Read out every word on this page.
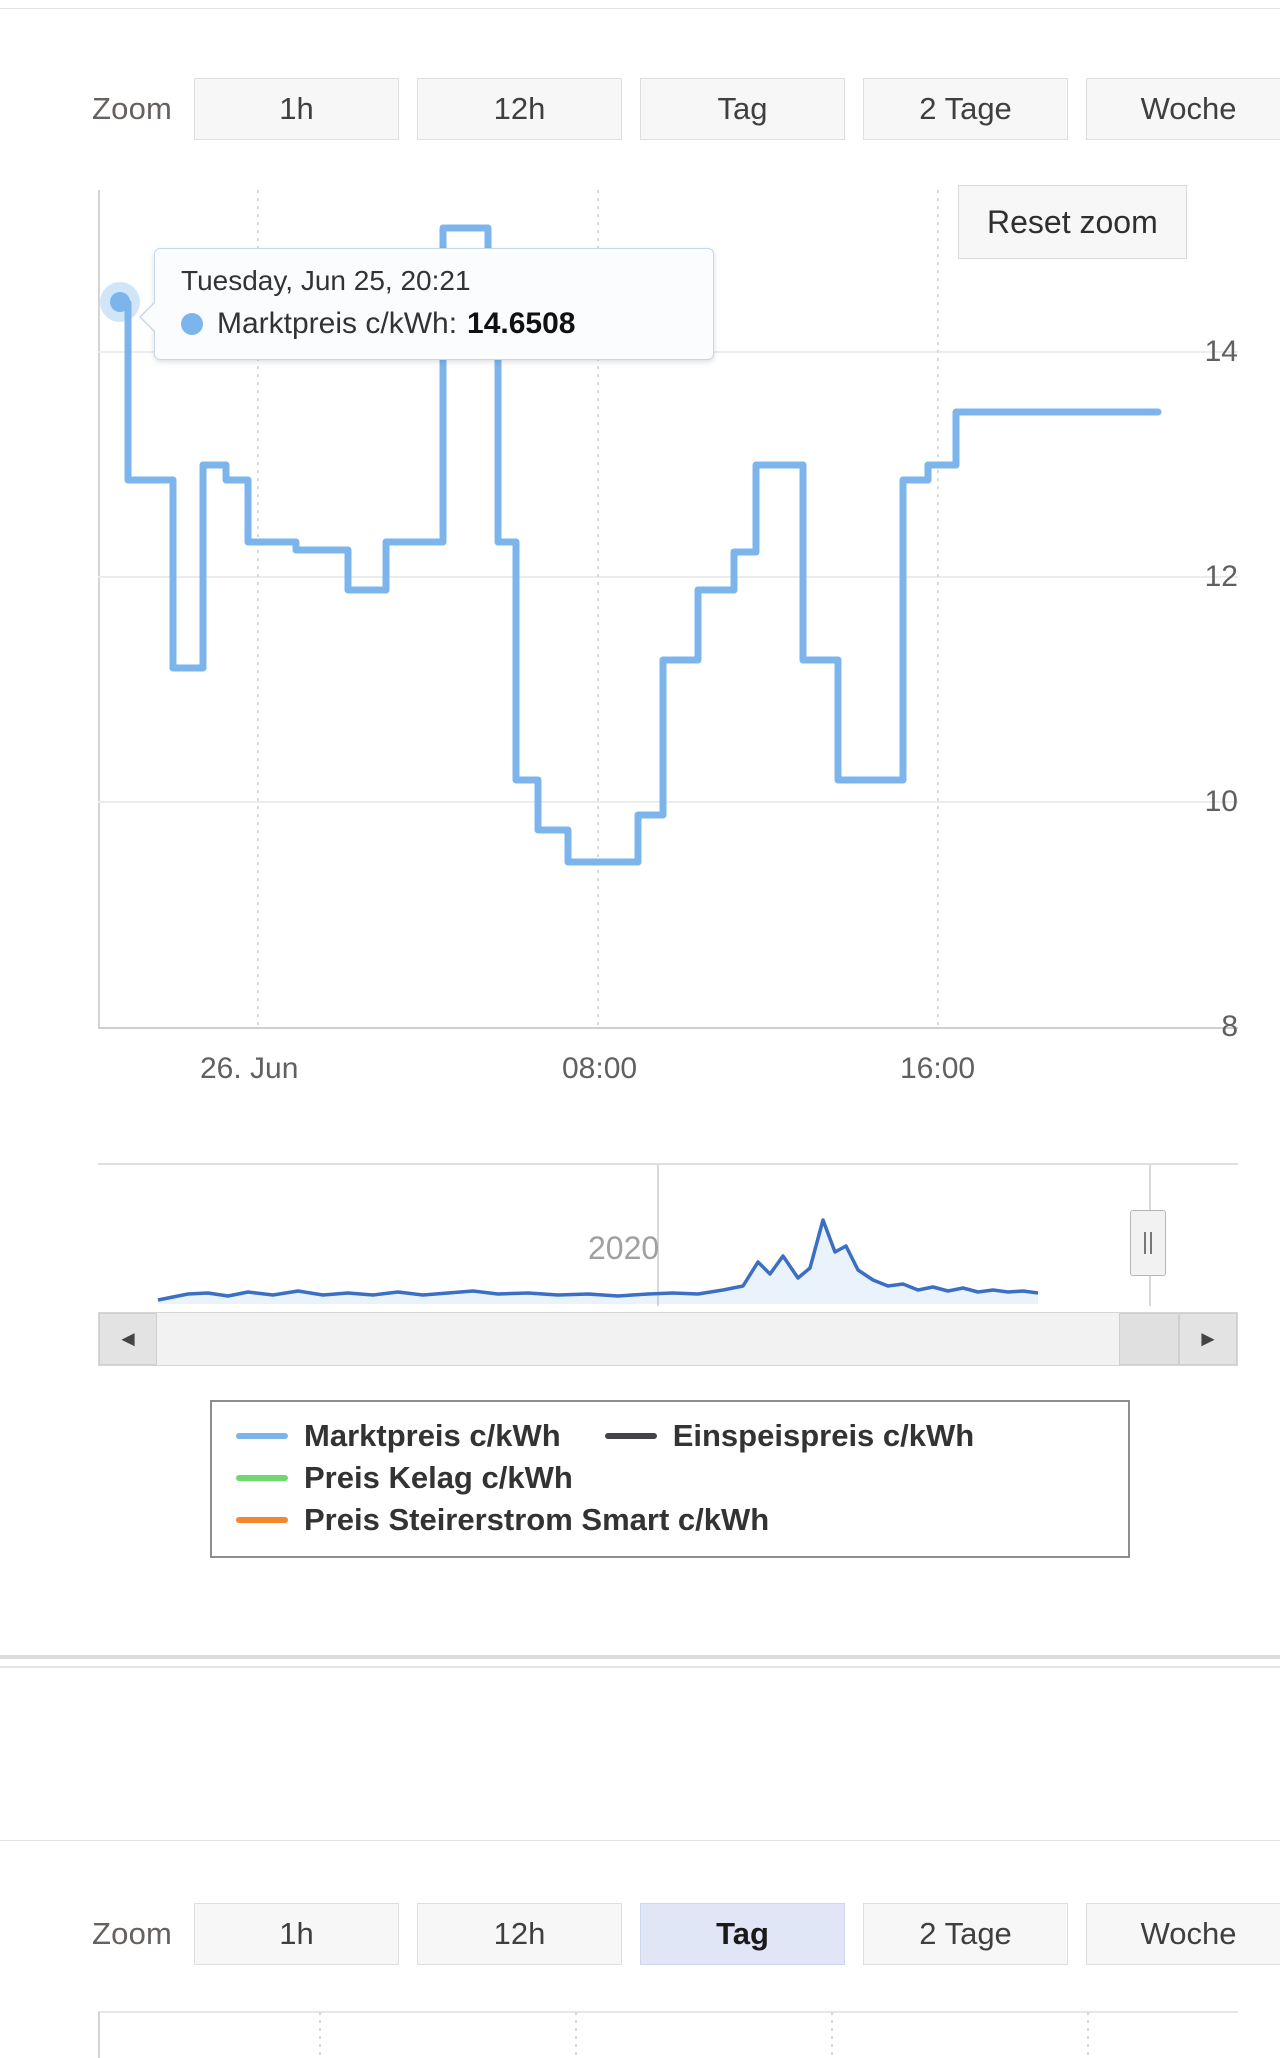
Zoom	1h	12h	Tag	2 Tage	Woche
Tuesday, Jun 25, 20:21
Marktpreis c/kWh: 14.6508
Reset zoom
14
12
10
8
26. Jun	08:00	16:00
2020
◄	►
Marktpreis c/kWh	Einspeispreis c/kWh
Preis Kelag c/kWh
Preis Steirerstrom Smart c/kWh
Zoom	1h	12h	Tag	2 Tage	Woche
